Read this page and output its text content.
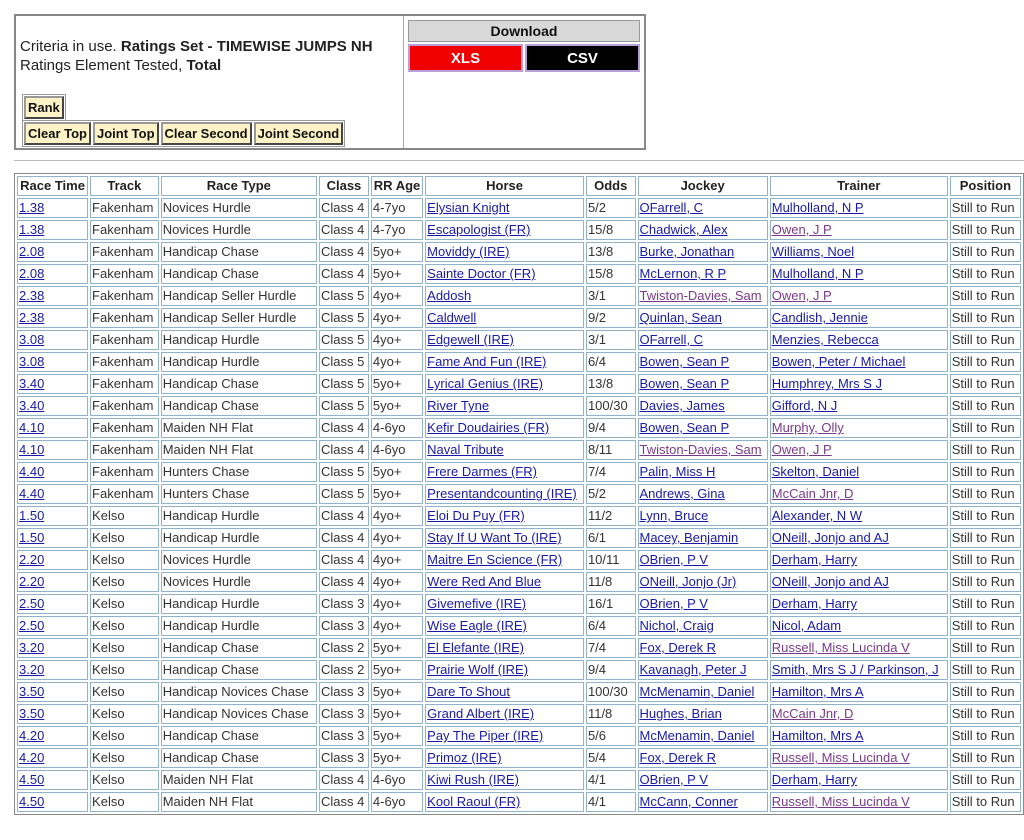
Criteria in use. Ratings Set - TIMEWISE JUMPS NH
Ratings Element Tested, Total
Rank
Clear Top Joint Top Clear Second Joint Second
Download
XLS	CSV
Race Time	Track	Race Type	Class	RR Age	Horse	Odds	Jockey	Trainer	Position
1.38	Fakenham	Novices Hurdle	Class 4	4-7yo	Elysian Knight	5/2	OFarrell, C	Mulholland, N P	Still to Run
1.38	Fakenham	Novices Hurdle	Class 4	4-7yo	Escapologist (FR)	15/8	Chadwick, Alex	Owen, J P	Still to Run
2.08	Fakenham	Handicap Chase	Class 4	5yo+	Moviddy (IRE)	13/8	Burke, Jonathan	Williams, Noel	Still to Run
2.08	Fakenham	Handicap Chase	Class 4	5yo+	Sainte Doctor (FR)	15/8	McLernon, R P	Mulholland, N P	Still to Run
2.38	Fakenham	Handicap Seller Hurdle	Class 5	4yo+	Addosh	3/1	Twiston-Davies, Sam	Owen, J P	Still to Run
2.38	Fakenham	Handicap Seller Hurdle	Class 5	4yo+	Caldwell	9/2	Quinlan, Sean	Candlish, Jennie	Still to Run
3.08	Fakenham	Handicap Hurdle	Class 5	4yo+	Edgewell (IRE)	3/1	OFarrell, C	Menzies, Rebecca	Still to Run
3.08	Fakenham	Handicap Hurdle	Class 5	4yo+	Fame And Fun (IRE)	6/4	Bowen, Sean P	Bowen, Peter / Michael	Still to Run
3.40	Fakenham	Handicap Chase	Class 5	5yo+	Lyrical Genius (IRE)	13/8	Bowen, Sean P	Humphrey, Mrs S J	Still to Run
3.40	Fakenham	Handicap Chase	Class 5	5yo+	River Tyne	100/30	Davies, James	Gifford, N J	Still to Run
4.10	Fakenham	Maiden NH Flat	Class 4	4-6yo	Kefir Doudairies (FR)	9/4	Bowen, Sean P	Murphy, Olly	Still to Run
4.10	Fakenham	Maiden NH Flat	Class 4	4-6yo	Naval Tribute	8/11	Twiston-Davies, Sam	Owen, J P	Still to Run
4.40	Fakenham	Hunters Chase	Class 5	5yo+	Frere Darmes (FR)	7/4	Palin, Miss H	Skelton, Daniel	Still to Run
4.40	Fakenham	Hunters Chase	Class 5	5yo+	Presentandcounting (IRE)	5/2	Andrews, Gina	McCain Jnr, D	Still to Run
1.50	Kelso	Handicap Hurdle	Class 4	4yo+	Eloi Du Puy (FR)	11/2	Lynn, Bruce	Alexander, N W	Still to Run
1.50	Kelso	Handicap Hurdle	Class 4	4yo+	Stay If U Want To (IRE)	6/1	Macey, Benjamin	ONeill, Jonjo and AJ	Still to Run
2.20	Kelso	Novices Hurdle	Class 4	4yo+	Maitre En Science (FR)	10/11	OBrien, P V	Derham, Harry	Still to Run
2.20	Kelso	Novices Hurdle	Class 4	4yo+	Were Red And Blue	11/8	ONeill, Jonjo (Jr)	ONeill, Jonjo and AJ	Still to Run
2.50	Kelso	Handicap Hurdle	Class 3	4yo+	Givemefive (IRE)	16/1	OBrien, P V	Derham, Harry	Still to Run
2.50	Kelso	Handicap Hurdle	Class 3	4yo+	Wise Eagle (IRE)	6/4	Nichol, Craig	Nicol, Adam	Still to Run
3.20	Kelso	Handicap Chase	Class 2	5yo+	El Elefante (IRE)	7/4	Fox, Derek R	Russell, Miss Lucinda V	Still to Run
3.20	Kelso	Handicap Chase	Class 2	5yo+	Prairie Wolf (IRE)	9/4	Kavanagh, Peter J	Smith, Mrs S J / Parkinson, J	Still to Run
3.50	Kelso	Handicap Novices Chase	Class 3	5yo+	Dare To Shout	100/30	McMenamin, Daniel	Hamilton, Mrs A	Still to Run
3.50	Kelso	Handicap Novices Chase	Class 3	5yo+	Grand Albert (IRE)	11/8	Hughes, Brian	McCain Jnr, D	Still to Run
4.20	Kelso	Handicap Chase	Class 3	5yo+	Pay The Piper (IRE)	5/6	McMenamin, Daniel	Hamilton, Mrs A	Still to Run
4.20	Kelso	Handicap Chase	Class 3	5yo+	Primoz (IRE)	5/4	Fox, Derek R	Russell, Miss Lucinda V	Still to Run
4.50	Kelso	Maiden NH Flat	Class 4	4-6yo	Kiwi Rush (IRE)	4/1	OBrien, P V	Derham, Harry	Still to Run
4.50	Kelso	Maiden NH Flat	Class 4	4-6yo	Kool Raoul (FR)	4/1	McCann, Conner	Russell, Miss Lucinda V	Still to Run
